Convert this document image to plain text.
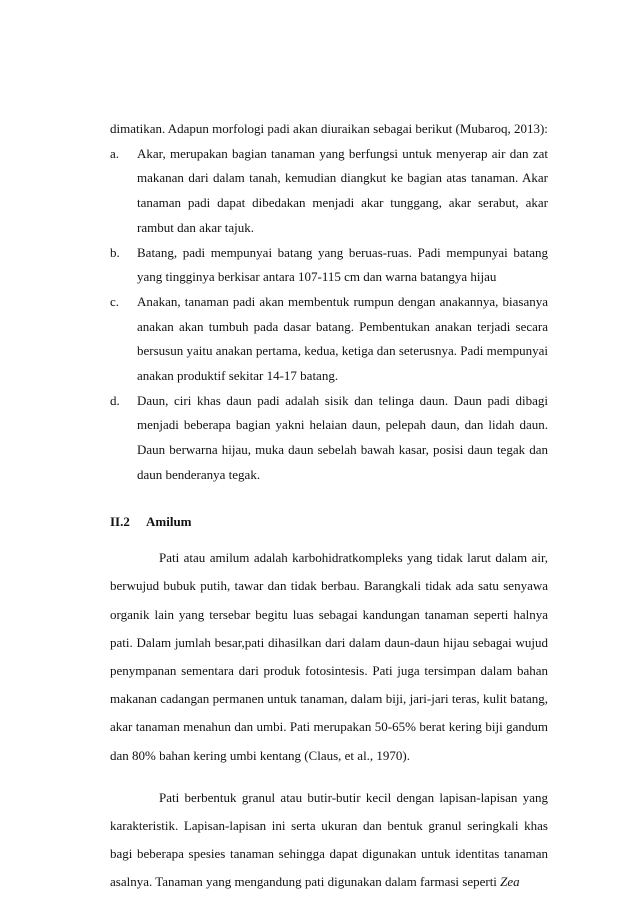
dimatikan. Adapun morfologi padi akan diuraikan sebagai berikut (Mubaroq, 2013):

a. Akar, merupakan bagian tanaman yang berfungsi untuk menyerap air dan zat makanan dari dalam tanah, kemudian diangkut ke bagian atas tanaman. Akar tanaman padi dapat dibedakan menjadi akar tunggang, akar serabut, akar rambut dan akar tajuk.
b. Batang, padi mempunyai batang yang beruas-ruas. Padi mempunyai batang yang tingginya berkisar antara 107-115 cm dan warna batangya hijau
c. Anakan, tanaman padi akan membentuk rumpun dengan anakannya, biasanya anakan akan tumbuh pada dasar batang. Pembentukan anakan terjadi secara bersusun yaitu anakan pertama, kedua, ketiga dan seterusnya. Padi mempunyai anakan produktif sekitar 14-17 batang.
d. Daun, ciri khas daun padi adalah sisik dan telinga daun. Daun padi dibagi menjadi beberapa bagian yakni helaian daun, pelepah daun, dan lidah daun. Daun berwarna hijau, muka daun sebelah bawah kasar, posisi daun tegak dan daun benderanya tegak.
II.2 Amilum

Pati atau amilum adalah karbohidratkompleks yang tidak larut dalam air, berwujud bubuk putih, tawar dan tidak berbau. Barangkali tidak ada satu senyawa organik lain yang tersebar begitu luas sebagai kandungan tanaman seperti halnya pati. Dalam jumlah besar,pati dihasilkan dari dalam daun-daun hijau sebagai wujud penympanan sementara dari produk fotosintesis. Pati juga tersimpan dalam bahan makanan cadangan permanen untuk tanaman, dalam biji, jari-jari teras, kulit batang, akar tanaman menahun dan umbi. Pati merupakan 50-65% berat kering biji gandum dan 80% bahan kering umbi kentang (Claus, et al., 1970).

Pati berbentuk granul atau butir-butir kecil dengan lapisan-lapisan yang karakteristik. Lapisan-lapisan ini serta ukuran dan bentuk granul seringkali khas bagi beberapa spesies tanaman sehingga dapat digunakan untuk identitas tanaman asalnya. Tanaman yang mengandung pati digunakan dalam farmasi seperti Zea
